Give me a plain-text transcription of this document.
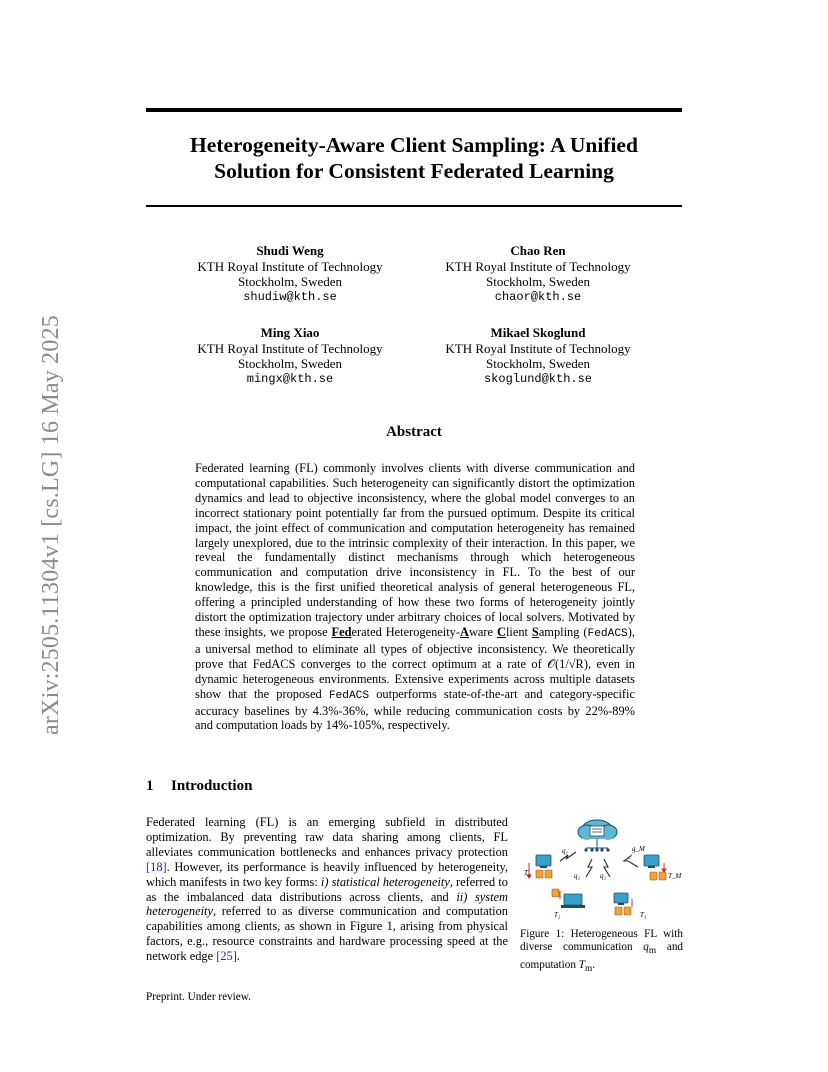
arXiv:2505.11304v1 [cs.LG] 16 May 2025
Heterogeneity-Aware Client Sampling: A Unified
Solution for Consistent Federated Learning
Shudi Weng
KTH Royal Institute of Technology
Stockholm, Sweden
shudiw@kth.se
Chao Ren
KTH Royal Institute of Technology
Stockholm, Sweden
chaor@kth.se
Ming Xiao
KTH Royal Institute of Technology
Stockholm, Sweden
mingx@kth.se
Mikael Skoglund
KTH Royal Institute of Technology
Stockholm, Sweden
skoglund@kth.se
Abstract
Federated learning (FL) commonly involves clients with diverse communication and computational capabilities. Such heterogeneity can significantly distort the optimization dynamics and lead to objective inconsistency, where the global model converges to an incorrect stationary point potentially far from the pursued optimum. Despite its critical impact, the joint effect of communication and computation heterogeneity has remained largely unexplored, due to the intrinsic complexity of their interaction. In this paper, we reveal the fundamentally distinct mechanisms through which heterogeneous communication and computation drive inconsistency in FL. To the best of our knowledge, this is the first unified theoretical analysis of general heterogeneous FL, offering a principled understanding of how these two forms of heterogeneity jointly distort the optimization trajectory under arbitrary choices of local solvers. Motivated by these insights, we propose Federated Heterogeneity-Aware Client Sampling (FedACS), a universal method to eliminate all types of objective inconsistency. We theoretically prove that FedACS converges to the correct optimum at a rate of 𝒪(1/√R), even in dynamic heterogeneous environments. Extensive experiments across multiple datasets show that the proposed FedACS outperforms state-of-the-art and category-specific accuracy baselines by 4.3%-36%, while reducing communication costs by 22%-89% and computation loads by 14%-105%, respectively.
1 Introduction
Federated learning (FL) is an emerging subfield in distributed optimization. By preventing raw data sharing among clients, FL alleviates communication bottlenecks and enhances privacy protection [18]. However, its performance is heavily influenced by heterogeneity, which manifests in two key forms: i) statistical heterogeneity, referred to as the imbalanced data distributions across clients, and ii) system heterogeneity, referred to as diverse communication and computation capabilities among clients, as shown in Figure 1, arising from physical factors, e.g., resource constraints and hardware processing speed at the network edge [25].
q₁	q_M
q₂	q₃
T₁	T_M
T₂	T₃
Figure 1: Heterogeneous FL with diverse communication $q_m$ and computation $T_m$.
Preprint. Under review.
